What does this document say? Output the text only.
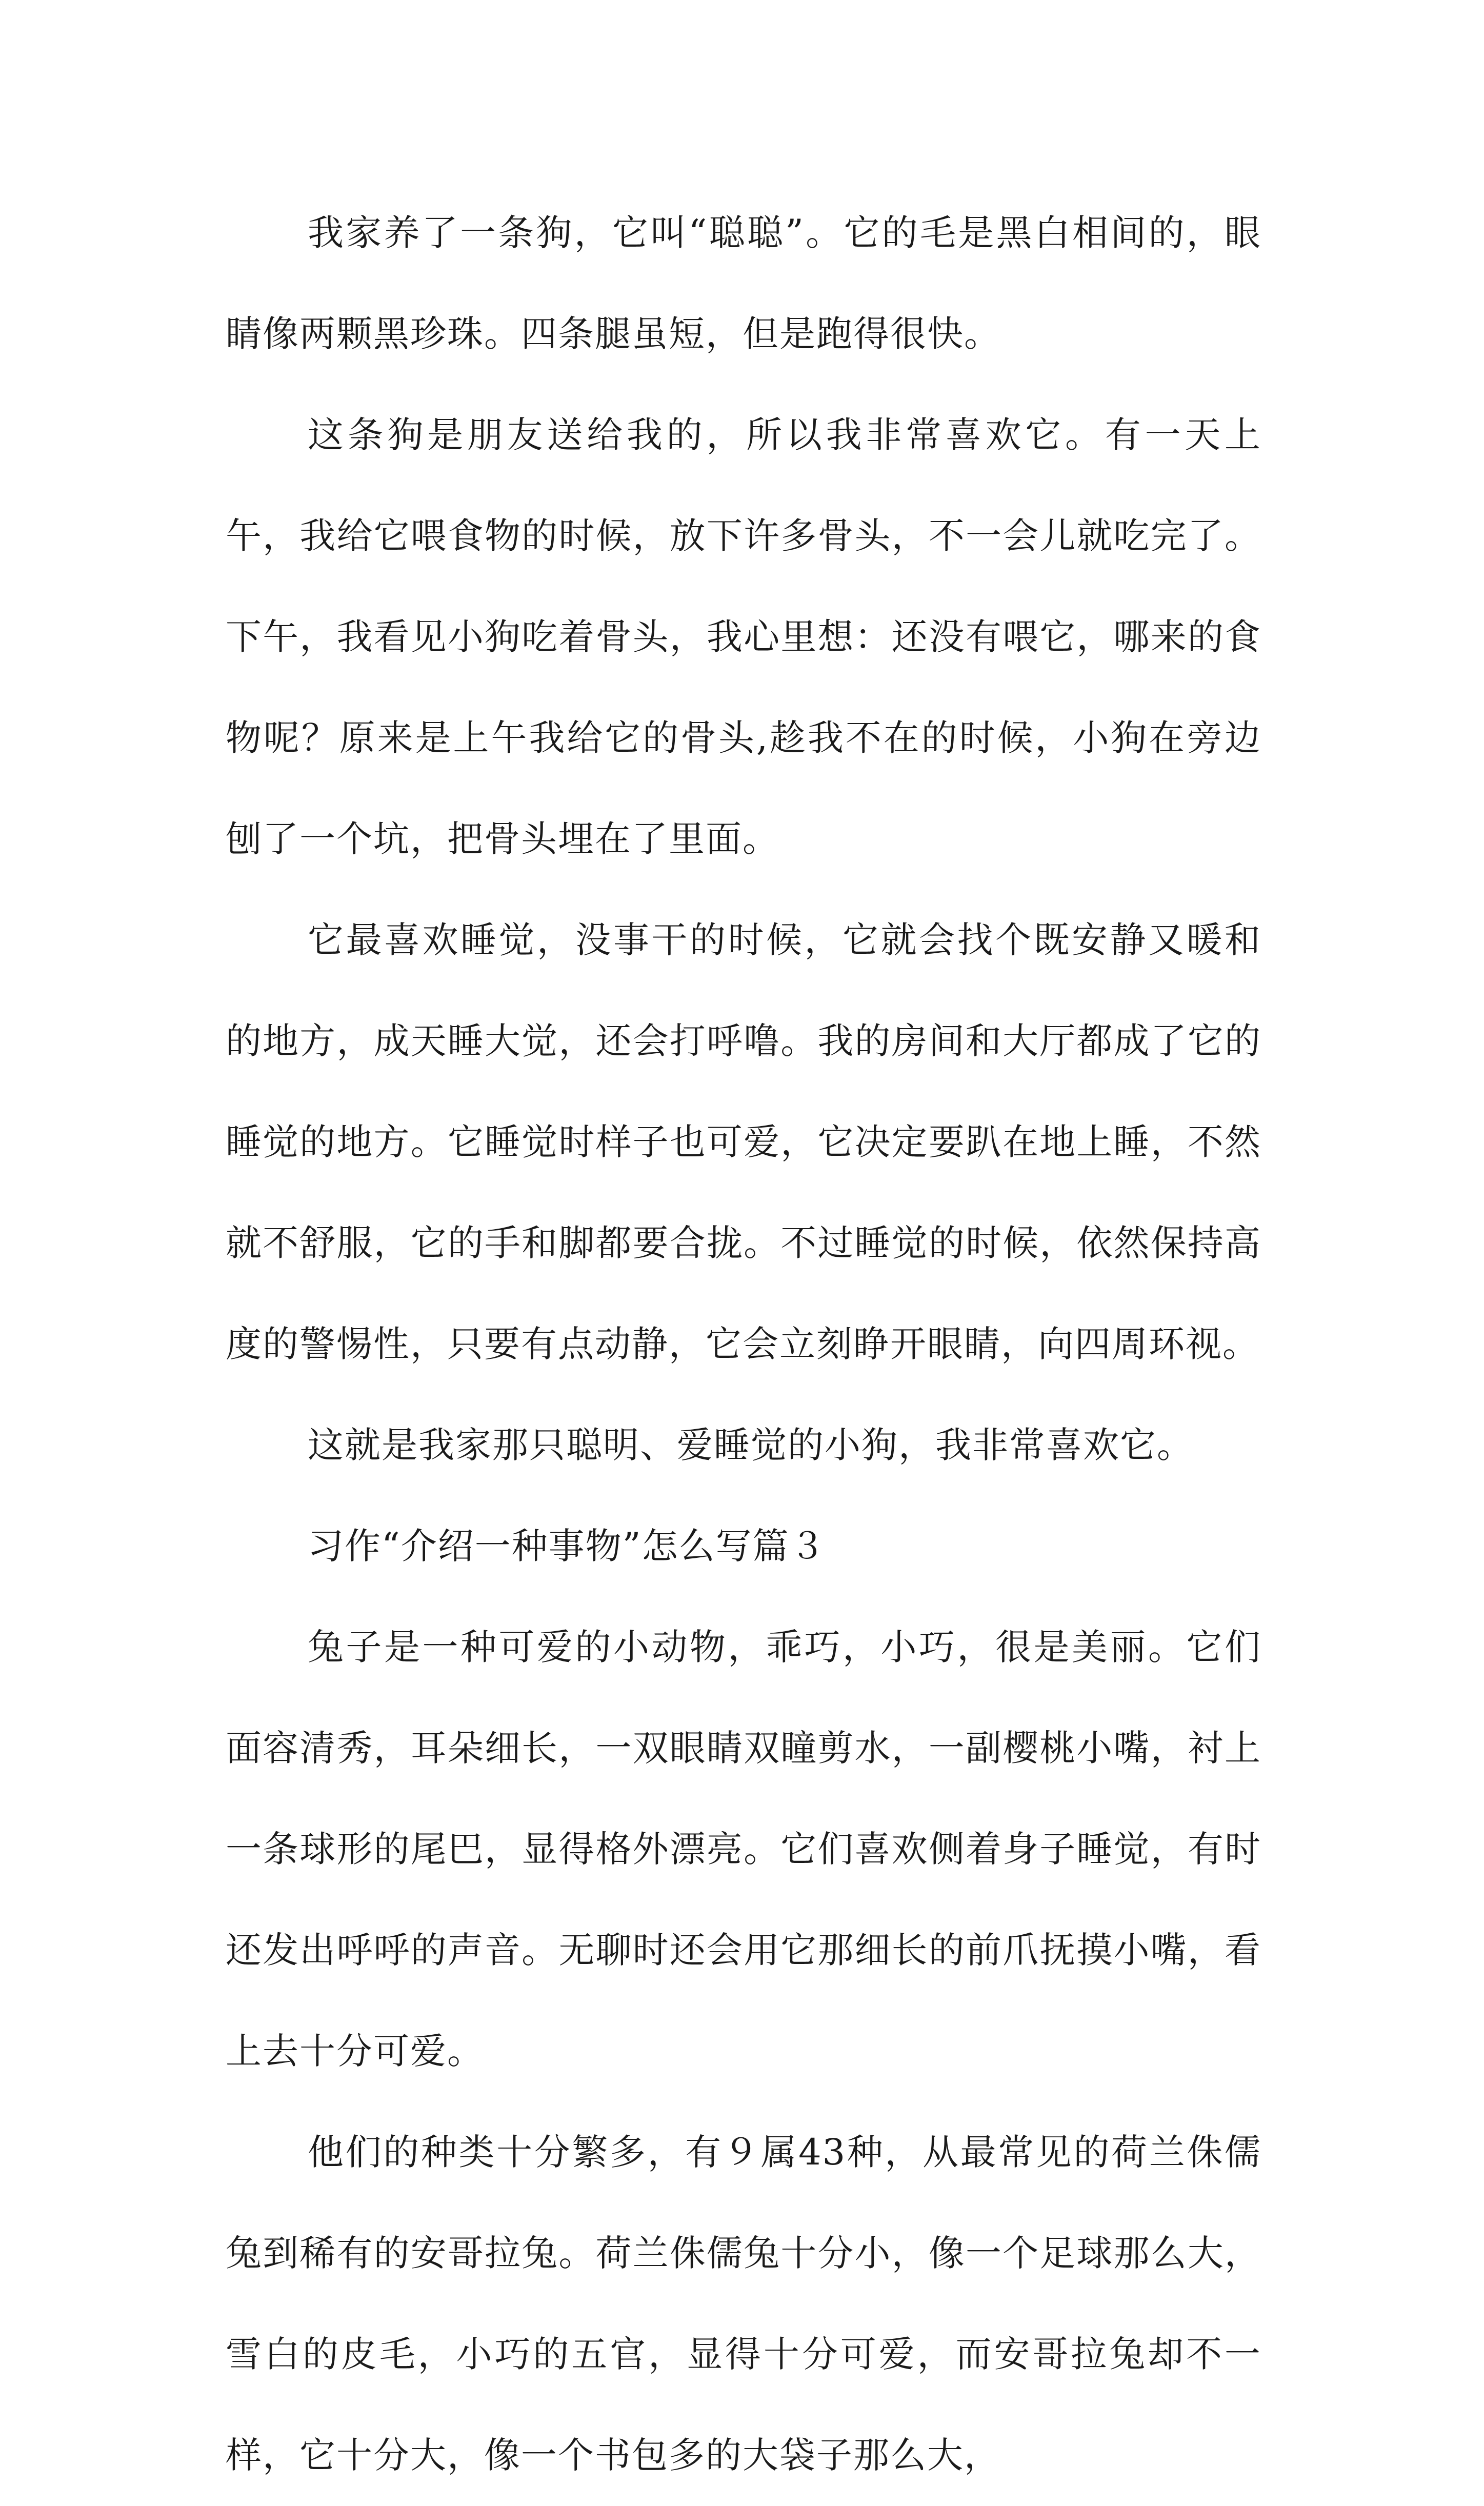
我家养了一条狗，它叫“聪聪”。它的毛是黑白相间的，眼睛像两颗黑珍珠。四条腿虽短，但是跑得很快。

这条狗是朋友送给我的，所以我非常喜欢它。有一天上午，我给它喂食物的时候，放下许多骨头，不一会儿就吃完了。下午，我看见小狗吃着骨头，我心里想：还没有喂它，哪来的食物呢？原来是上午我给它的骨头,趁我不在的时候，小狗在旁边刨了一个坑，把骨头埋在了里面。

它最喜欢睡觉，没事干的时候，它就会找个既安静又暖和的地方，成天睡大觉，还会打呼噜。我的房间和大厅都成了它的睡觉的地方。它睡觉时样子也可爱，它决定要趴在地上睡，不然就不舒服，它的手和脚都要合拢。不过睡觉的时候，依然保持高度的警惕性，只要有点动静，它会立刻睁开眼睛，向四周环视。

这就是我家那只聪明、爱睡觉的小狗，我非常喜欢它。

习作“介绍一种事物”怎么写篇３

兔子是一种可爱的小动物，乖巧，小巧，很是美丽。它们面容清秀，耳朵细长，一双眼睛双瞳剪水，一副樱桃小嘴，衬上一条球形的尾巴，显得格外漂亮。它们喜欢侧着身子睡觉，有时还发出呼呼的声音。无聊时还会用它那细长的前爪抚摸小嘴，看上去十分可爱。

他们的种类十分繁多，有９属43种，从最常见的荷兰侏儒兔到稀有的安哥拉兔。荷兰侏儒兔十分小，像一个足球那么大，雪白的皮毛，小巧的五官，显得十分可爱，而安哥拉兔却不一样，它十分大，像一个书包多的大袋子那么大，
